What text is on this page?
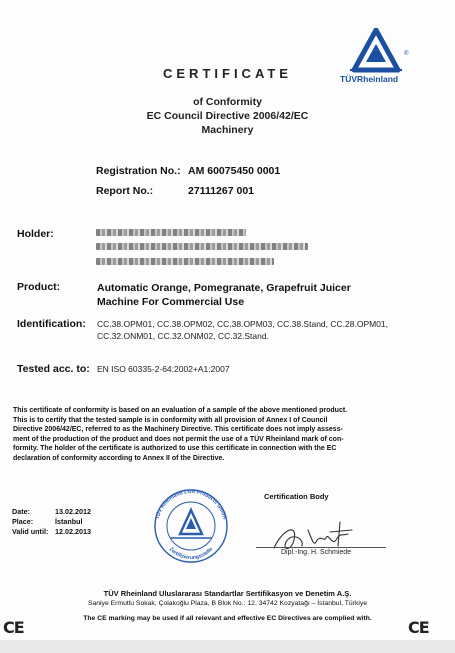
®
TÜVRheinland
CERTIFICATE
of Conformity
EC Council Directive 2006/42/EC
Machinery
Registration No.: AM 60075450 0001
Report No.:	27111267 001
Holder:
Product:	Automatic Orange, Pomegranate, Grapefruit Juicer
Machine For Commercial Use
Identification: CC.38.OPM01, CC.38.OPM02, CC.38.OPM03, CC.38.Stand, CC.28.OPM01,
CC.32.ONM01, CC.32.ONM02, CC.32.Stand.
Tested acc. to: EN ISO 60335-2-64:2002+A1:2007
This certificate of conformity is based on an evaluation of a sample of the above mentioned product.
This is to certify that the tested sample is in conformity with all provision of Annex I of Council
Directive 2006/42/EC, referred to as the Machinery Directive. This certificate does not imply assess-
ment of the production of the product and does not permit the use of a TÜV Rheinland mark of con-
formity. The holder of the certificate is authorized to use this certificate in connection with the EC
declaration of conformity according to Annex II of the Directive.
Date:	13.02.2012
Place:	İstanbul
Valid until: 12.02.2013
TÜV Rheinland LGA Products GmbH
Zertifizierungsstelle
Certification Body
Dipl.-Ing. H. Schmiede
TÜV Rheinland Uluslararası Standartlar Sertifikasyon ve Denetim A.Ş.
Saniye Ermutlu Sokak, Çolakoğlu Plaza, B Blok No.: 12, 34742 Kozyatağı – İstanbul, Türkiye
The CE marking may be used if all relevant and effective EC Directives are complied with.
CE	CE
